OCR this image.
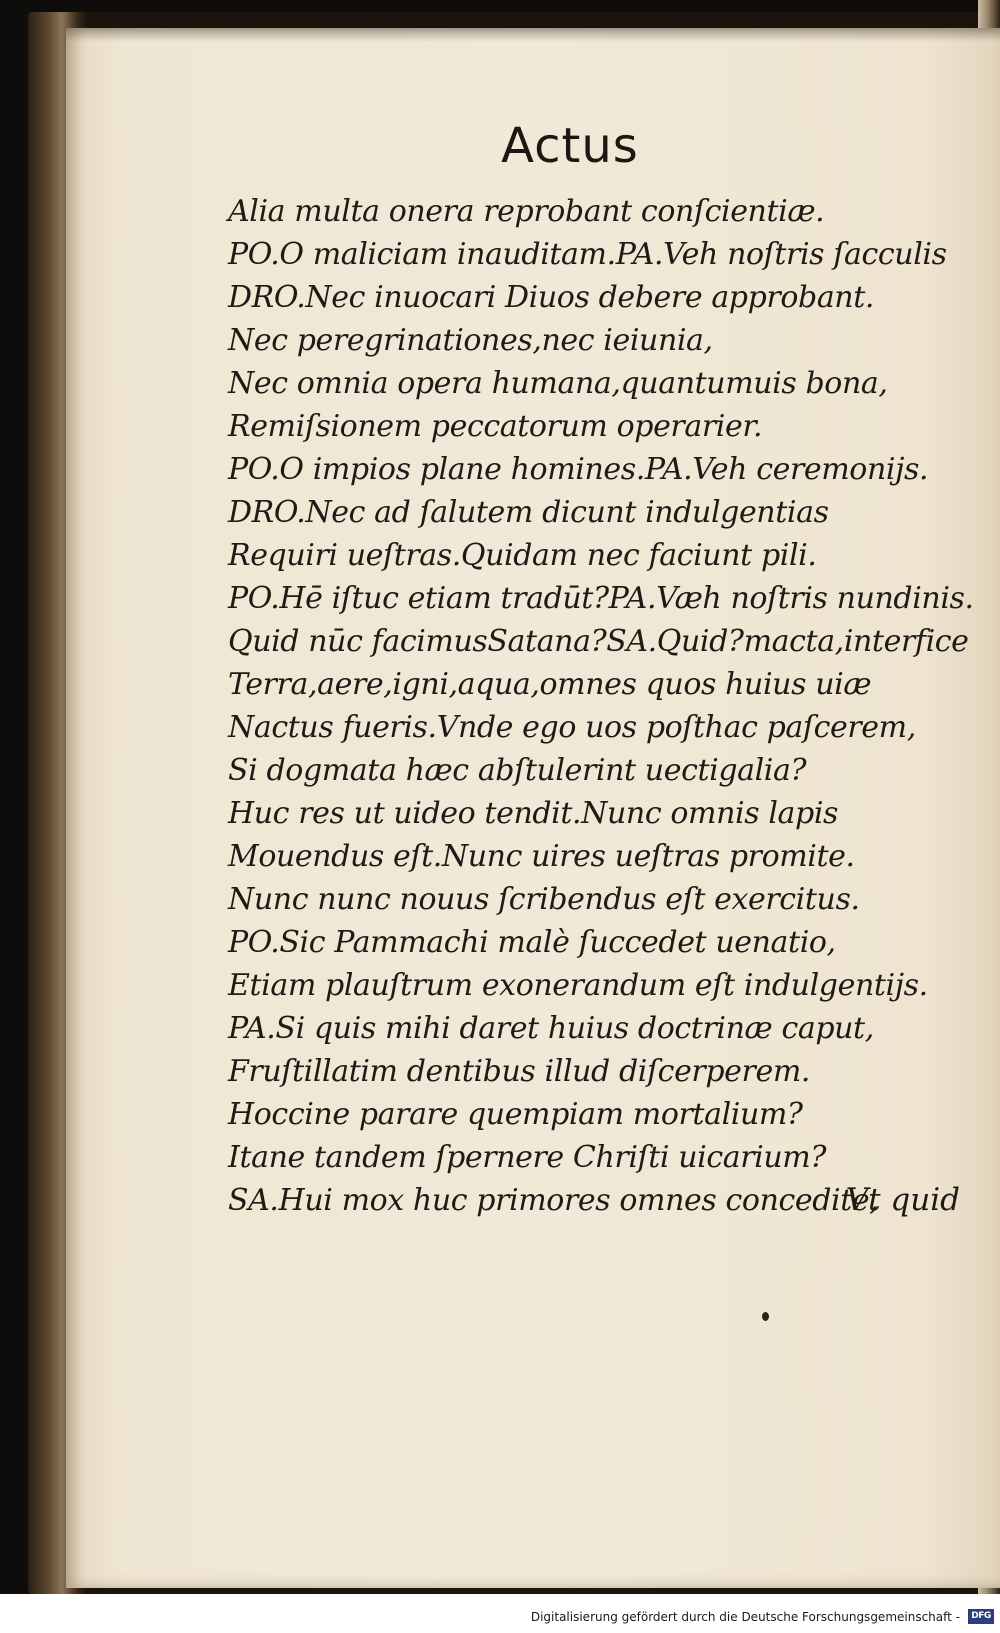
Actus
Alia multa onera reprobant conſcientiæ.
PO.O maliciam inauditam.PA.Veh noſtris ſacculis
DRO.Nec inuocari Diuos debere approbant.
Nec peregrinationes,nec ieiunia,
Nec omnia opera humana,quantumuis bona,
Remiſsionem peccatorum operarier.
PO.O impios plane homines.PA.Veh ceremonijs.
DRO.Nec ad ſalutem dicunt indulgentias
Requiri ueſtras.Quidam nec faciunt pili.
PO.Hē iſtuc etiam tradūt?PA.Væh noſtris nundinis.
Quid nūc facimusSatana?SA.Quid?macta,interfice
Terra,aere,igni,aqua,omnes quos huius uiæ
Nactus fueris.Vnde ego uos poſthac paſcerem,
Si dogmata hæc abſtulerint uectigalia?
Huc res ut uideo tendit.Nunc omnis lapis
Mouendus eſt.Nunc uires ueſtras promite.
Nunc nunc nouus ſcribendus eſt exercitus.
PO.Sic Pammachi malè ſuccedet uenatio,
Etiam plauſtrum exonerandum eſt indulgentijs.
PA.Si quis mihi daret huius doctrinæ caput,
Fruſtillatim dentibus illud diſcerperem.
Hoccine parare quempiam mortalium?
Itane tandem ſpernere Chriſti uicarium?
SA.Hui mox huc primores omnes concedite,
Vt quid
Digitalisierung gefördert durch die Deutsche Forschungsgemeinschaft -	DFG
